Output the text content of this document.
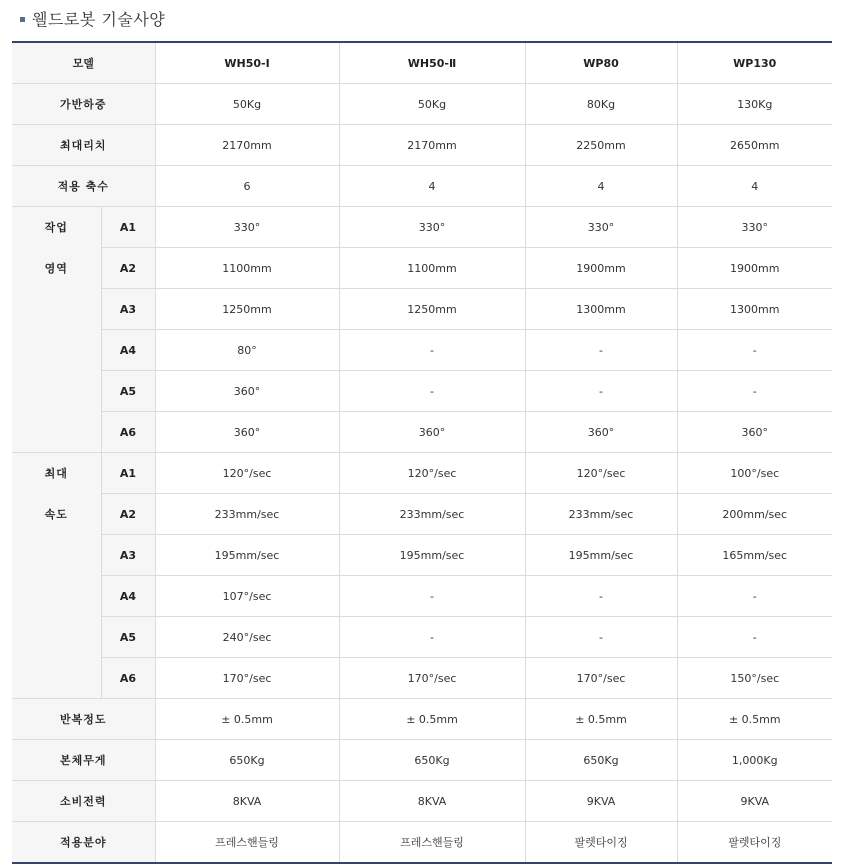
웰드로봇 기술사양
모델		WH50-Ⅰ	WH50-Ⅱ	WP80	WP130
가반하중		50Kg	50Kg	80Kg	130Kg
최대리치		2170mm	2170mm	2250mm	2650mm
적용 축수		6	4	4	4
작업	A1	330°	330°	330°	330°
영역	A2	1100mm	1100mm	1900mm	1900mm
	A3	1250mm	1250mm	1300mm	1300mm
	A4	80°	-	-	-
	A5	360°	-	-	-
	A6	360°	360°	360°	360°
최대	A1	120°/sec	120°/sec	120°/sec	100°/sec
속도	A2	233mm/sec	233mm/sec	233mm/sec	200mm/sec
	A3	195mm/sec	195mm/sec	195mm/sec	165mm/sec
	A4	107°/sec	-	-	-
	A5	240°/sec	-	-	-
	A6	170°/sec	170°/sec	170°/sec	150°/sec
반복정도		± 0.5mm	± 0.5mm	± 0.5mm	± 0.5mm
본체무게		650Kg	650Kg	650Kg	1,000Kg
소비전력		8KVA	8KVA	9KVA	9KVA
적용분야		프레스핸들링	프레스핸들링	팔렛타이징	팔렛타이징
